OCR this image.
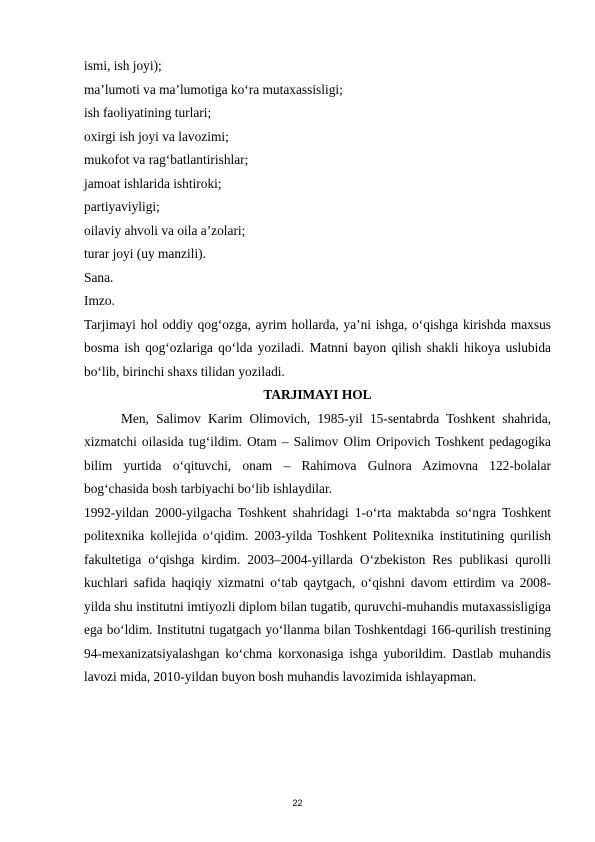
ismi, ish joyi);

ma’lumoti va ma’lumotiga ko‘ra mutaxassisligi;

ish faoliyatining turlari;

oxirgi ish joyi va lavozimi;

mukofot va rag‘batlantirishlar;

jamoat ishlarida ishtiroki;

partiyaviyligi;

oilaviy ahvoli va oila a’zolari;

turar joyi (uy manzili).

Sana.

Imzo.

Tarjimayi hol oddiy qog‘ozga, ayrim hollarda, ya’ni ishga, o‘qishga kirishda maxsus bosma ish qog‘ozlariga qo‘lda yoziladi. Matnni bayon qilish shakli hikoya uslubida bo‘lib, birinchi shaxs tilidan yoziladi.

TARJIMAYI HOL

Men, Salimov Karim Olimovich, 1985-yil 15-sentabrda Toshkent shahrida, xizmatchi oilasida tug‘ildim. Otam – Salimov Olim Oripovich Toshkent pedagogika bilim yurtida o‘qituvchi, onam – Rahimova Gulnora Azimovna 122-bolalar bog‘chasida bosh tarbiyachi bo‘lib ishlaydilar.

1992-yildan 2000-yilgacha Toshkent shahridagi 1-o‘rta maktabda so‘ngra Toshkent politexnika kollejida o‘qidim. 2003-yilda Toshkent Politexnika institutining qurilish fakultetiga o‘qishga kirdim. 2003–2004-yillarda O‘zbekiston Res publikasi qurolli kuchlari safida haqiqiy xizmatni o‘tab qaytgach, o‘qishni davom ettirdim va 2008-yilda shu institutni imtiyozli diplom bilan tugatib, quruvchi-muhandis mutaxassisligiga ega bo‘ldim. Institutni tugatgach yo‘llanma bilan Toshkentdagi 166-qurilish trestining 94-mexanizatsiyalashgan ko‘chma korxonasiga ishga yuborildim. Dastlab muhandis lavozi mida, 2010-yildan buyon bosh muhandis lavozimida ishlayapman.

22
